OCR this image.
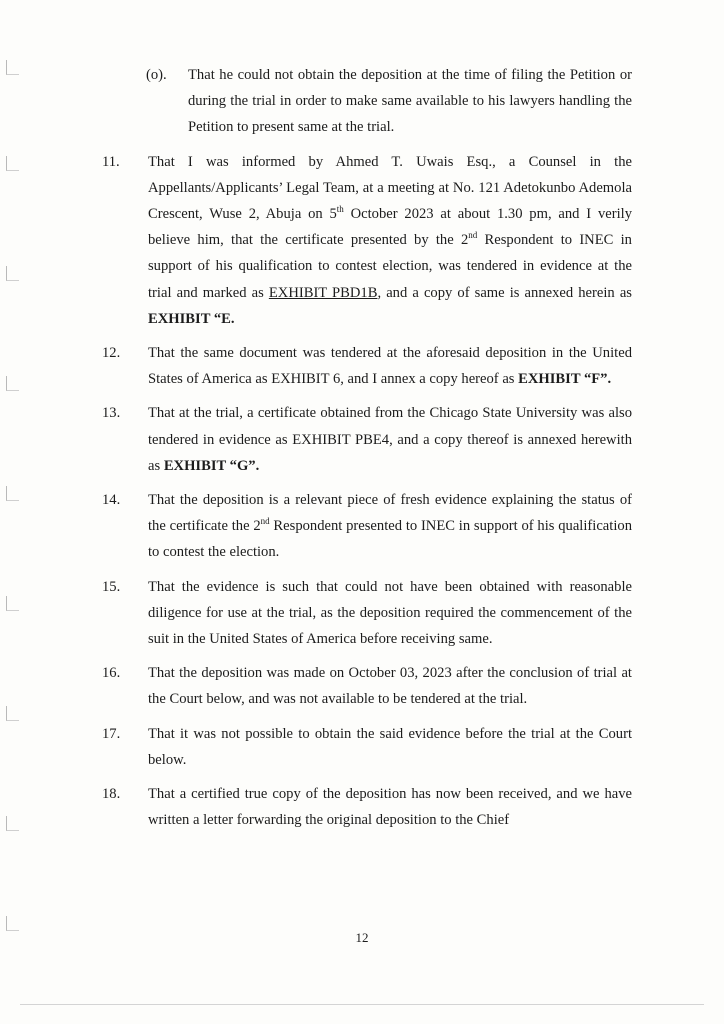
(o).	That he could not obtain the deposition at the time of filing the Petition or during the trial in order to make same available to his lawyers handling the Petition to present same at the trial.
11.	That I was informed by Ahmed T. Uwais Esq., a Counsel in the Appellants/Applicants’ Legal Team, at a meeting at No. 121 Adetokunbo Ademola Crescent, Wuse 2, Abuja on 5th October 2023 at about 1.30 pm, and I verily believe him, that the certificate presented by the 2nd Respondent to INEC in support of his qualification to contest election, was tendered in evidence at the trial and marked as EXHIBIT PBD1B, and a copy of same is annexed herein as EXHIBIT “E.
12.	That the same document was tendered at the aforesaid deposition in the United States of America as EXHIBIT 6, and I annex a copy hereof as EXHIBIT “F”.
13.	That at the trial, a certificate obtained from the Chicago State University was also tendered in evidence as EXHIBIT PBE4, and a copy thereof is annexed herewith as EXHIBIT “G”.
14.	That the deposition is a relevant piece of fresh evidence explaining the status of the certificate the 2nd Respondent presented to INEC in support of his qualification to contest the election.
15.	That the evidence is such that could not have been obtained with reasonable diligence for use at the trial, as the deposition required the commencement of the suit in the United States of America before receiving same.
16.	That the deposition was made on October 03, 2023 after the conclusion of trial at the Court below, and was not available to be tendered at the trial.
17.	That it was not possible to obtain the said evidence before the trial at the Court below.
18.	That a certified true copy of the deposition has now been received, and we have written a letter forwarding the original deposition to the Chief
12
